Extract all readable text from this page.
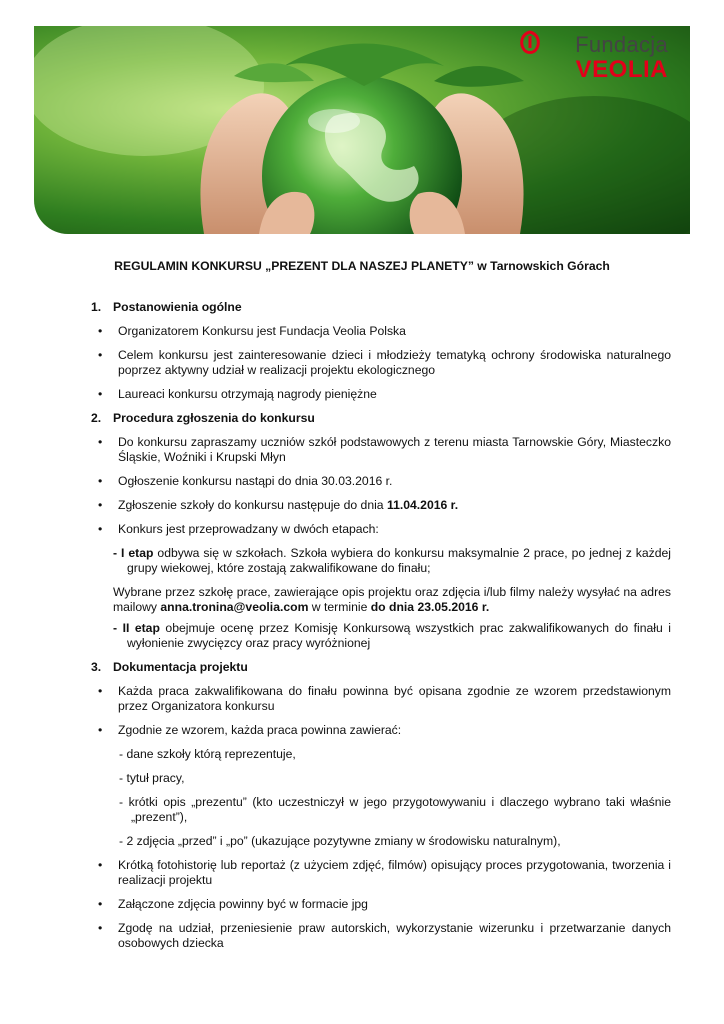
Fundacja
VEOLIA
REGULAMIN KONKURSU „PREZENT DLA NASZEJ PLANETY” w Tarnowskich Górach
1. Postanowienia ogólne
• Organizatorem Konkursu jest Fundacja Veolia Polska
• Celem konkursu jest zainteresowanie dzieci i młodzieży tematyką ochrony środowiska naturalnego poprzez aktywny udział w realizacji projektu ekologicznego
• Laureaci konkursu otrzymają nagrody pieniężne
2. Procedura zgłoszenia do konkursu
• Do konkursu zapraszamy uczniów szkół podstawowych z terenu miasta Tarnowskie Góry, Miasteczko Śląskie, Woźniki i Krupski Młyn
• Ogłoszenie konkursu nastąpi do dnia 30.03.2016 r.
• Zgłoszenie szkoły do konkursu następuje do dnia 11.04.2016 r.
• Konkurs jest przeprowadzany w dwóch etapach:
- I etap odbywa się w szkołach. Szkoła wybiera do konkursu maksymalnie 2 prace, po jednej z każdej grupy wiekowej, które zostają zakwalifikowane do finału;
Wybrane przez szkołę prace, zawierające opis projektu oraz zdjęcia i/lub filmy należy wysyłać na adres mailowy anna.tronina@veolia.com w terminie do dnia 23.05.2016 r.
- II etap obejmuje ocenę przez Komisję Konkursową wszystkich prac zakwalifikowanych do finału i wyłonienie zwycięzcy oraz pracy wyróżnionej
3. Dokumentacja projektu
• Każda praca zakwalifikowana do finału powinna być opisana zgodnie ze wzorem przedstawionym przez Organizatora konkursu
• Zgodnie ze wzorem, każda praca powinna zawierać:
- dane szkoły którą reprezentuje,
- tytuł pracy,
- krótki opis „prezentu” (kto uczestniczył w jego przygotowywaniu i dlaczego wybrano taki właśnie „prezent”),
- 2 zdjęcia „przed” i „po” (ukazujące pozytywne zmiany w środowisku naturalnym),
• Krótką fotohistorię lub reportaż (z użyciem zdjęć, filmów) opisujący proces przygotowania, tworzenia i realizacji projektu
• Załączone zdjęcia powinny być w formacie jpg
• Zgodę na udział, przeniesienie praw autorskich, wykorzystanie wizerunku i przetwarzanie danych osobowych dziecka
